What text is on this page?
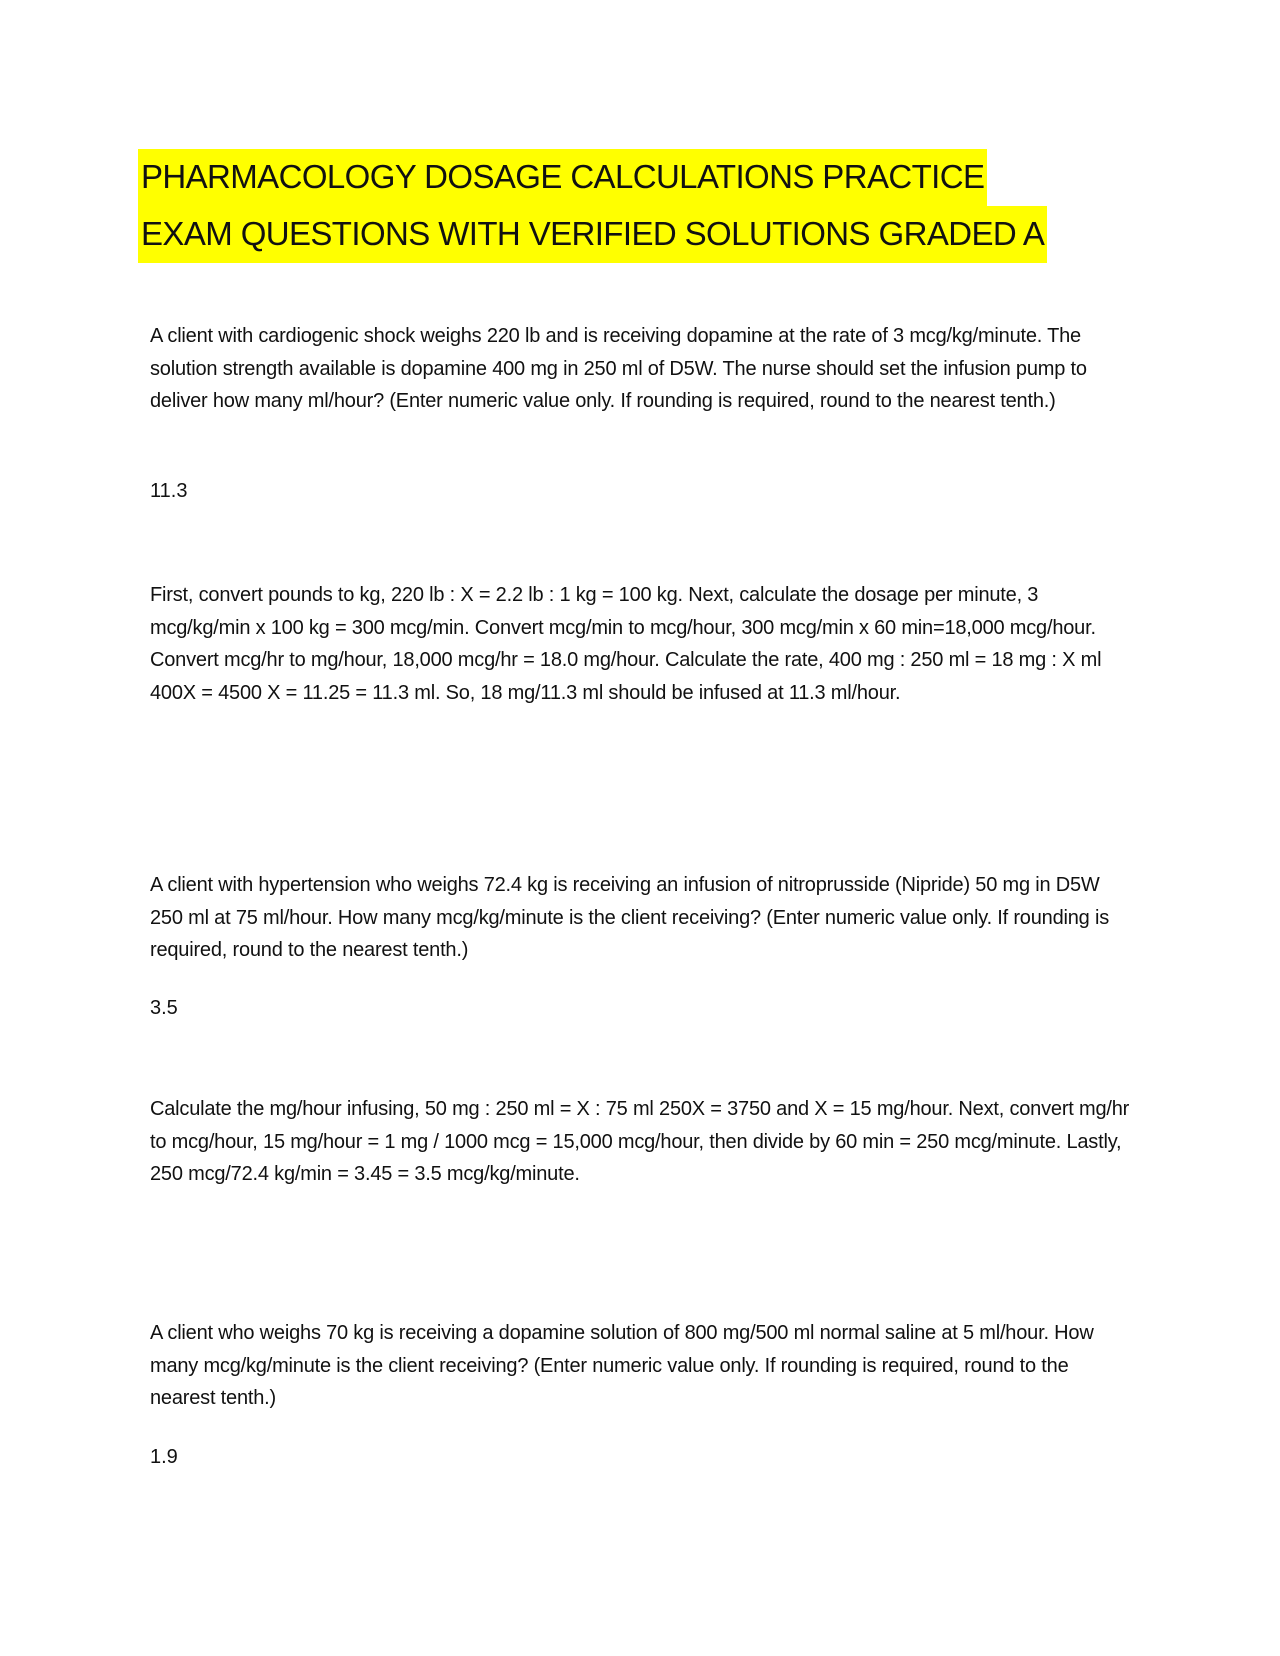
PHARMACOLOGY DOSAGE CALCULATIONS PRACTICE
EXAM QUESTIONS WITH VERIFIED SOLUTIONS GRADED A

A client with cardiogenic shock weighs 220 lb and is receiving dopamine at the rate of 3 mcg/kg/minute. The solution strength available is dopamine 400 mg in 250 ml of D5W. The nurse should set the infusion pump to deliver how many ml/hour? (Enter numeric value only. If rounding is required, round to the nearest tenth.)

11.3

First, convert pounds to kg, 220 lb : X = 2.2 lb : 1 kg = 100 kg. Next, calculate the dosage per minute, 3 mcg/kg/min x 100 kg = 300 mcg/min. Convert mcg/min to mcg/hour, 300 mcg/min x 60 min=18,000 mcg/hour. Convert mcg/hr to mg/hour, 18,000 mcg/hr = 18.0 mg/hour. Calculate the rate, 400 mg : 250 ml = 18 mg : X ml 400X = 4500 X = 11.25 = 11.3 ml. So, 18 mg/11.3 ml should be infused at 11.3 ml/hour.

A client with hypertension who weighs 72.4 kg is receiving an infusion of nitroprusside (Nipride) 50 mg in D5W 250 ml at 75 ml/hour. How many mcg/kg/minute is the client receiving? (Enter numeric value only. If rounding is required, round to the nearest tenth.)

3.5

Calculate the mg/hour infusing, 50 mg : 250 ml = X : 75 ml 250X = 3750 and X = 15 mg/hour. Next, convert mg/hr to mcg/hour, 15 mg/hour = 1 mg / 1000 mcg = 15,000 mcg/hour, then divide by 60 min = 250 mcg/minute. Lastly, 250 mcg/72.4 kg/min = 3.45 = 3.5 mcg/kg/minute.

A client who weighs 70 kg is receiving a dopamine solution of 800 mg/500 ml normal saline at 5 ml/hour. How many mcg/kg/minute is the client receiving? (Enter numeric value only. If rounding is required, round to the nearest tenth.)

1.9
